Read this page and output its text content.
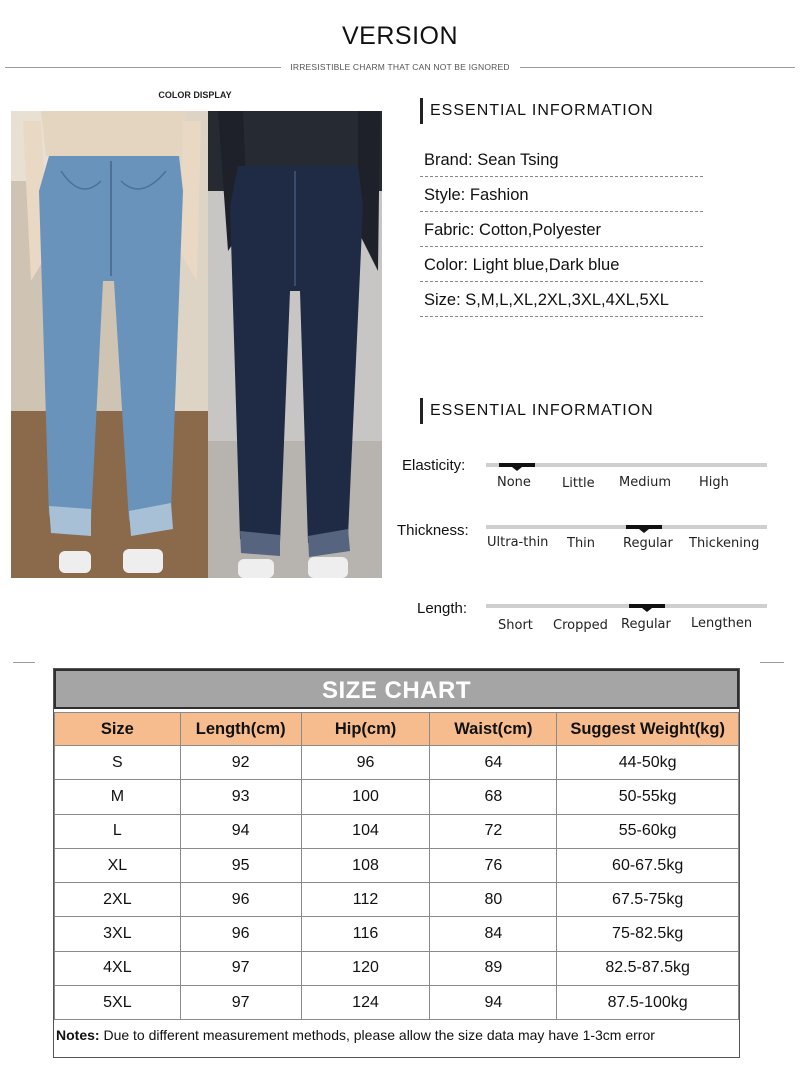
VERSION
IRRESISTIBLE CHARM THAT CAN NOT BE IGNORED
COLOR DISPLAY
ESSENTIAL INFORMATION
Brand: Sean Tsing
Style: Fashion
Fabric: Cotton,Polyester
Color: Light blue,Dark blue
Size: S,M,L,XL,2XL,3XL,4XL,5XL
ESSENTIAL INFORMATION
Elasticity:
None Little Medium High
Thickness:
Ultra-thin Thin Regular Thickening
Length:
Short Cropped Regular Lengthen
SIZE CHART
Size	Length(cm)	Hip(cm)	Waist(cm)	Suggest Weight(kg)
S	92	96	64	44-50kg
M	93	100	68	50-55kg
L	94	104	72	55-60kg
XL	95	108	76	60-67.5kg
2XL	96	112	80	67.5-75kg
3XL	96	116	84	75-82.5kg
4XL	97	120	89	82.5-87.5kg
5XL	97	124	94	87.5-100kg
Notes: Due to different measurement methods, please allow the size data may have 1-3cm error
